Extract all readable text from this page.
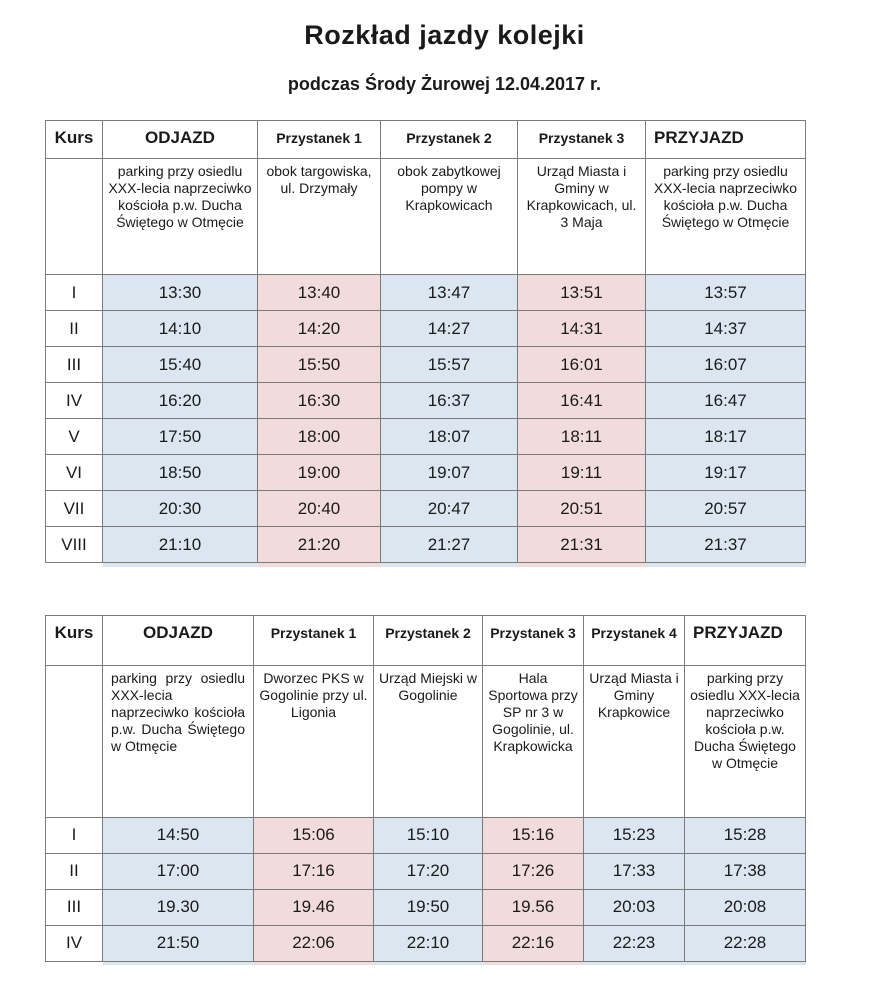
Rozkład jazdy kolejki
podczas Środy Żurowej 12.04.2017 r.
Kurs	ODJAZD	Przystanek 1	Przystanek 2	Przystanek 3	PRZYJAZD
	parking przy osiedlu XXX-lecia naprzeciwko kościoła p.w. Ducha Świętego w Otmęcie	obok targowiska, ul. Drzymały	obok zabytkowej pompy w Krapkowicach	Urząd Miasta i Gminy w Krapkowicach, ul. 3 Maja	parking przy osiedlu XXX-lecia naprzeciwko kościoła p.w. Ducha Świętego w Otmęcie
I	13:30	13:40	13:47	13:51	13:57
II	14:10	14:20	14:27	14:31	14:37
III	15:40	15:50	15:57	16:01	16:07
IV	16:20	16:30	16:37	16:41	16:47
V	17:50	18:00	18:07	18:11	18:17
VI	18:50	19:00	19:07	19:11	19:17
VII	20:30	20:40	20:47	20:51	20:57
VIII	21:10	21:20	21:27	21:31	21:37

Kurs	ODJAZD	Przystanek 1	Przystanek 2	Przystanek 3	Przystanek 4	PRZYJAZD
	parking przy osiedlu XXX-lecia naprzeciwko kościoła p.w. Ducha Świętego w Otmęcie	Dworzec PKS w Gogolinie przy ul. Ligonia	Urząd Miejski w Gogolinie	Hala Sportowa przy SP nr 3 w Gogolinie, ul. Krapkowicka	Urząd Miasta i Gminy Krapkowice	parking przy osiedlu XXX-lecia naprzeciwko kościoła p.w. Ducha Świętego w Otmęcie
I	14:50	15:06	15:10	15:16	15:23	15:28
II	17:00	17:16	17:20	17:26	17:33	17:38
III	19.30	19.46	19:50	19.56	20:03	20:08
IV	21:50	22:06	22:10	22:16	22:23	22:28
